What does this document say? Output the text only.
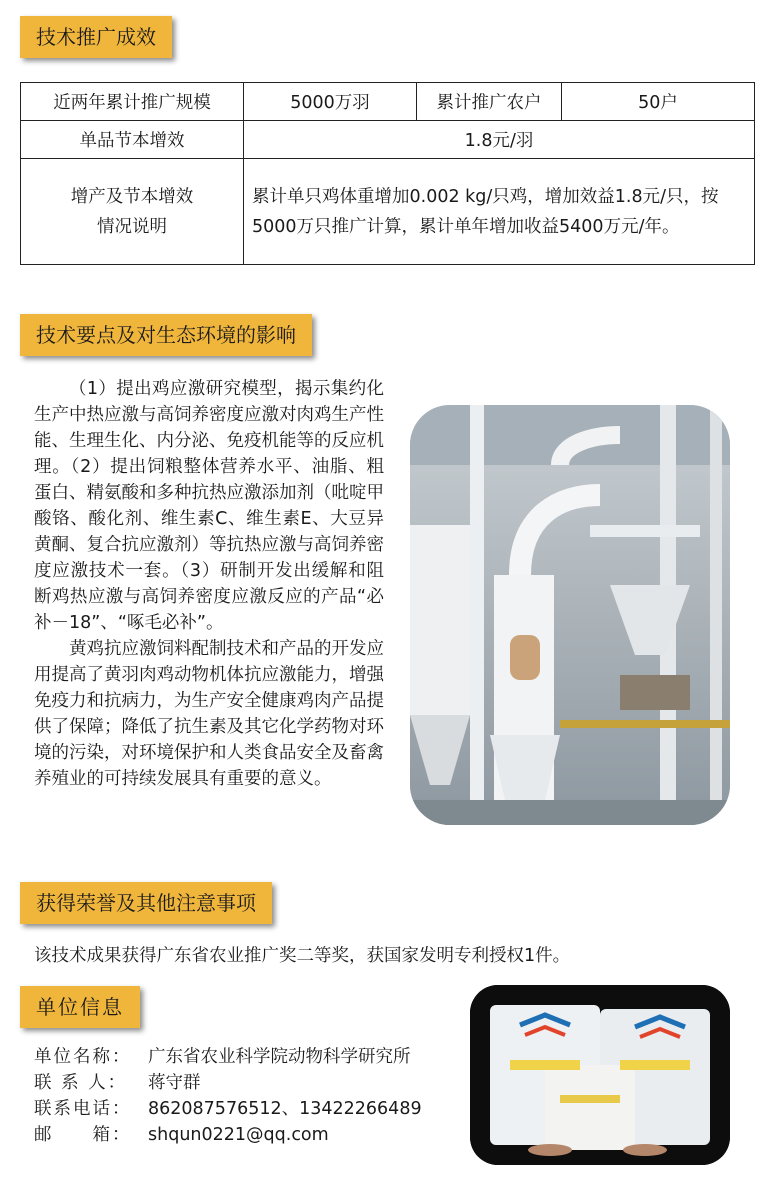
技术推广成效
近两年累计推广规模	5000万羽	累计推广农户	50户
单品节本增效	1.8元/羽		

增产及节本增效
情况说明	累计单只鸡体重增加0.002 kg/只鸡，增加效益1.8元/只，按5000万只推广计算，累计单年增加收益5400万元/年。		
技术要点及对生态环境的影响

（1）提出鸡应激研究模型，揭示集约化生产中热应激与高饲养密度应激对肉鸡生产性能、生理生化、内分泌、免疫机能等的反应机理。（2）提出饲粮整体营养水平、油脂、粗蛋白、精氨酸和多种抗热应激添加剂（吡啶甲酸铬、酸化剂、维生素C、维生素E、大豆异黄酮、复合抗应激剂）等抗热应激与高饲养密度应激技术一套。（3）研制开发出缓解和阻断鸡热应激与高饲养密度应激反应的产品“必补－18”、“啄毛必补”。

黄鸡抗应激饲料配制技术和产品的开发应用提高了黄羽肉鸡动物机体抗应激能力，增强免疫力和抗病力，为生产安全健康鸡肉产品提供了保障；降低了抗生素及其它化学药物对环境的污染，对环境保护和人类食品安全及畜禽养殖业的可持续发展具有重要的意义。

获得荣誉及其他注意事项
该技术成果获得广东省农业推广奖二等奖，获国家发明专利授权1件。
单位信息
单位名称： 广东省农业科学院动物科学研究所
联 系 人： 蒋守群
联系电话： 862087576512、13422266489
邮　　箱： shqun0221@qq.com
